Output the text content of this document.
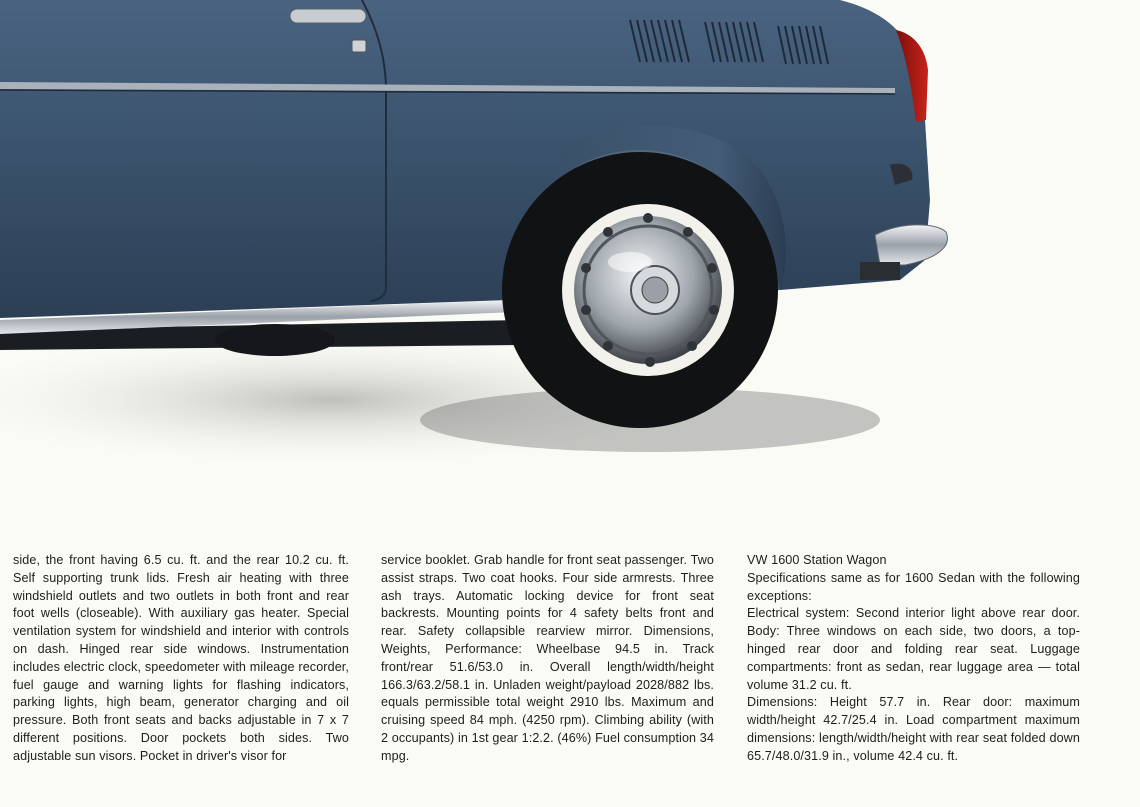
side, the front having 6.5 cu. ft. and the rear 10.2 cu. ft. Self supporting trunk lids. Fresh air heating with three windshield outlets and two outlets in both front and rear foot wells (closeable). With auxiliary gas heater. Special ventilation system for windshield and interior with controls on dash. Hinged rear side windows. Instrumentation includes electric clock, speedometer with mileage recorder, fuel gauge and warning lights for flashing indicators, parking lights, high beam, generator charging and oil pressure. Both front seats and backs adjustable in 7 x 7 different positions. Door pockets both sides. Two adjustable sun visors. Pocket in driver's visor for

service booklet. Grab handle for front seat passenger. Two assist straps. Two coat hooks. Four side armrests. Three ash trays. Automatic locking device for front seat backrests. Mounting points for 4 safety belts front and rear. Safety collapsible rearview mirror. Dimensions, Weights, Performance: Wheelbase 94.5 in. Track front/rear 51.6/53.0 in. Overall length/width/height 166.3/63.2/58.1 in. Unladen weight/payload 2028/882 lbs. equals permissible total weight 2910 lbs. Maximum and cruising speed 84 mph. (4250 rpm). Climbing ability (with 2 occupants) in 1st gear 1:2.2. (46%) Fuel consumption 34 mpg.

VW 1600 Station Wagon
Specifications same as for 1600 Sedan with the following exceptions:
Electrical system: Second interior light above rear door. Body: Three windows on each side, two doors, a top-hinged rear door and folding rear seat. Luggage compartments: front as sedan, rear luggage area — total volume 31.2 cu. ft.
Dimensions: Height 57.7 in. Rear door: maximum width/height 42.7/25.4 in. Load compartment maximum dimensions: length/width/height with rear seat folded down 65.7/48.0/31.9 in., volume 42.4 cu. ft.
